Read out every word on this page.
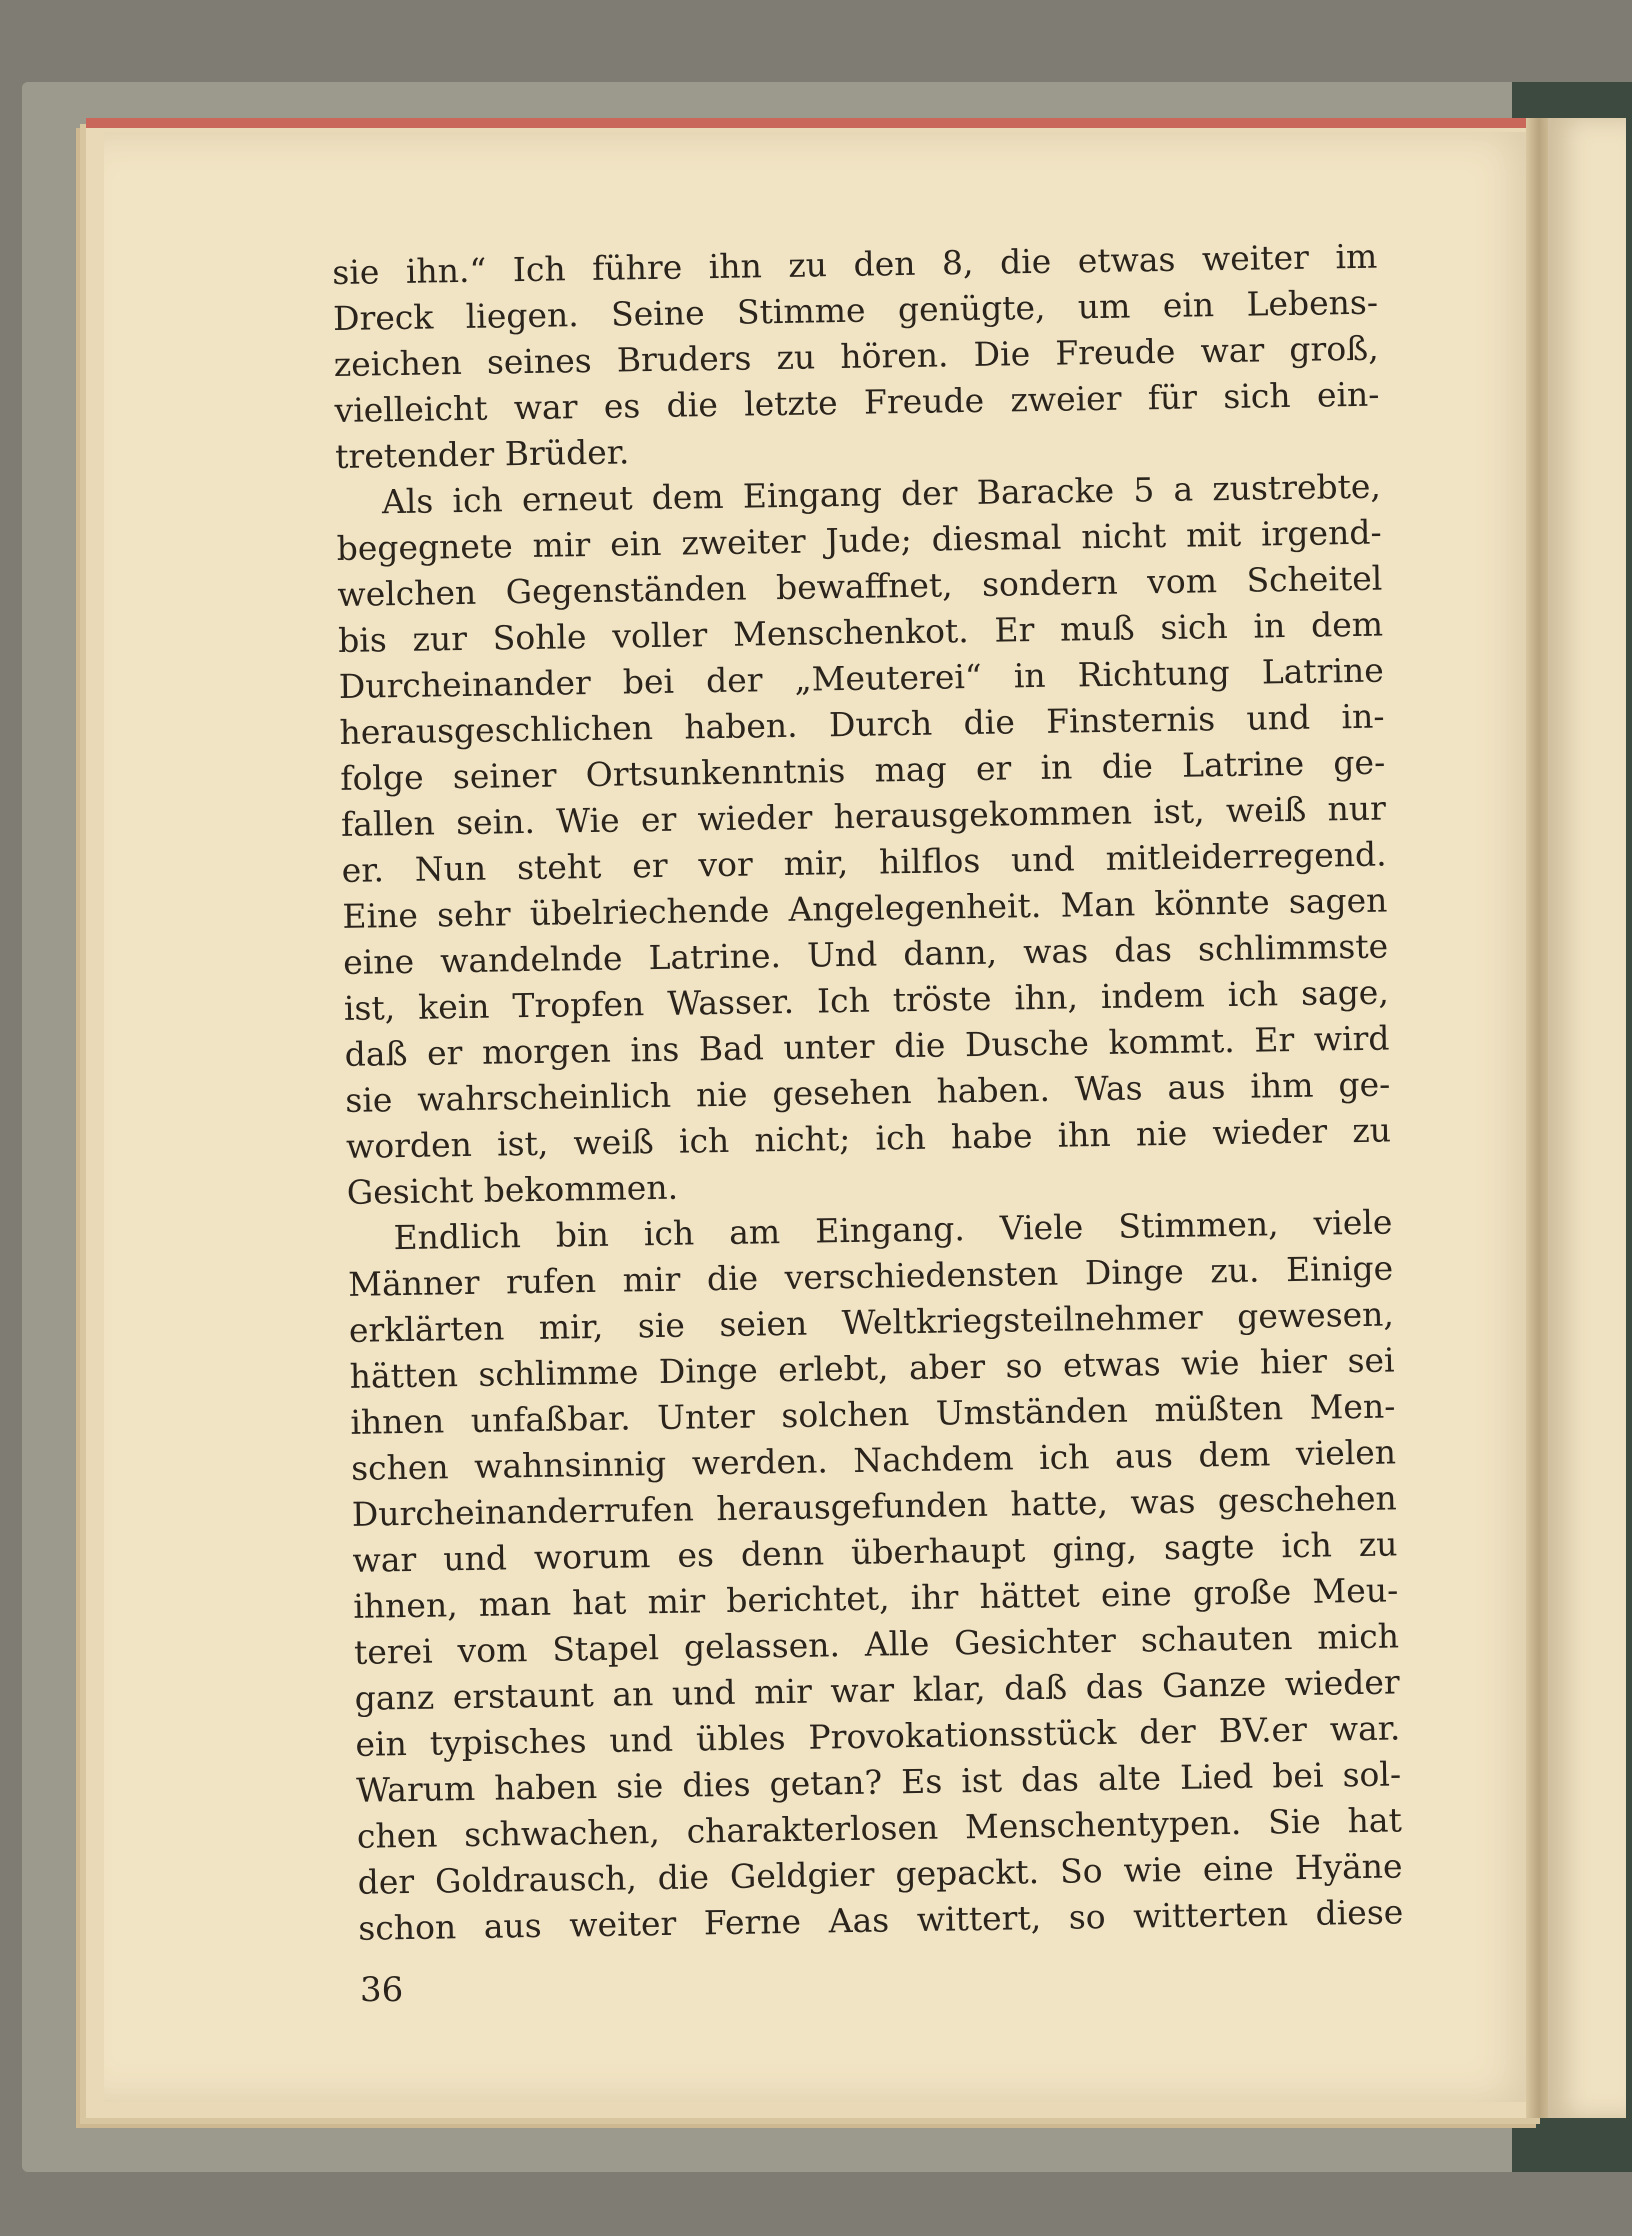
sie ihn.“ Ich führe ihn zu den 8, die etwas weiter im
Dreck liegen. Seine Stimme genügte, um ein Lebens-
zeichen seines Bruders zu hören. Die Freude war groß,
vielleicht war es die letzte Freude zweier für sich ein-
tretender Brüder.
Als ich erneut dem Eingang der Baracke 5 a zustrebte,
begegnete mir ein zweiter Jude; diesmal nicht mit irgend-
welchen Gegenständen bewaffnet, sondern vom Scheitel
bis zur Sohle voller Menschenkot. Er muß sich in dem
Durcheinander bei der „Meuterei“ in Richtung Latrine
herausgeschlichen haben. Durch die Finsternis und in-
folge seiner Ortsunkenntnis mag er in die Latrine ge-
fallen sein. Wie er wieder herausgekommen ist, weiß nur
er. Nun steht er vor mir, hilflos und mitleiderregend.
Eine sehr übelriechende Angelegenheit. Man könnte sagen
eine wandelnde Latrine. Und dann, was das schlimmste
ist, kein Tropfen Wasser. Ich tröste ihn, indem ich sage,
daß er morgen ins Bad unter die Dusche kommt. Er wird
sie wahrscheinlich nie gesehen haben. Was aus ihm ge-
worden ist, weiß ich nicht; ich habe ihn nie wieder zu
Gesicht bekommen.
Endlich bin ich am Eingang. Viele Stimmen, viele
Männer rufen mir die verschiedensten Dinge zu. Einige
erklärten mir, sie seien Weltkriegsteilnehmer gewesen,
hätten schlimme Dinge erlebt, aber so etwas wie hier sei
ihnen unfaßbar. Unter solchen Umständen müßten Men-
schen wahnsinnig werden. Nachdem ich aus dem vielen
Durcheinanderrufen herausgefunden hatte, was geschehen
war und worum es denn überhaupt ging, sagte ich zu
ihnen, man hat mir berichtet, ihr hättet eine große Meu-
terei vom Stapel gelassen. Alle Gesichter schauten mich
ganz erstaunt an und mir war klar, daß das Ganze wieder
ein typisches und übles Provokationsstück der BV.er war.
Warum haben sie dies getan? Es ist das alte Lied bei sol-
chen schwachen, charakterlosen Menschentypen. Sie hat
der Goldrausch, die Geldgier gepackt. So wie eine Hyäne
schon aus weiter Ferne Aas wittert, so witterten diese
36
